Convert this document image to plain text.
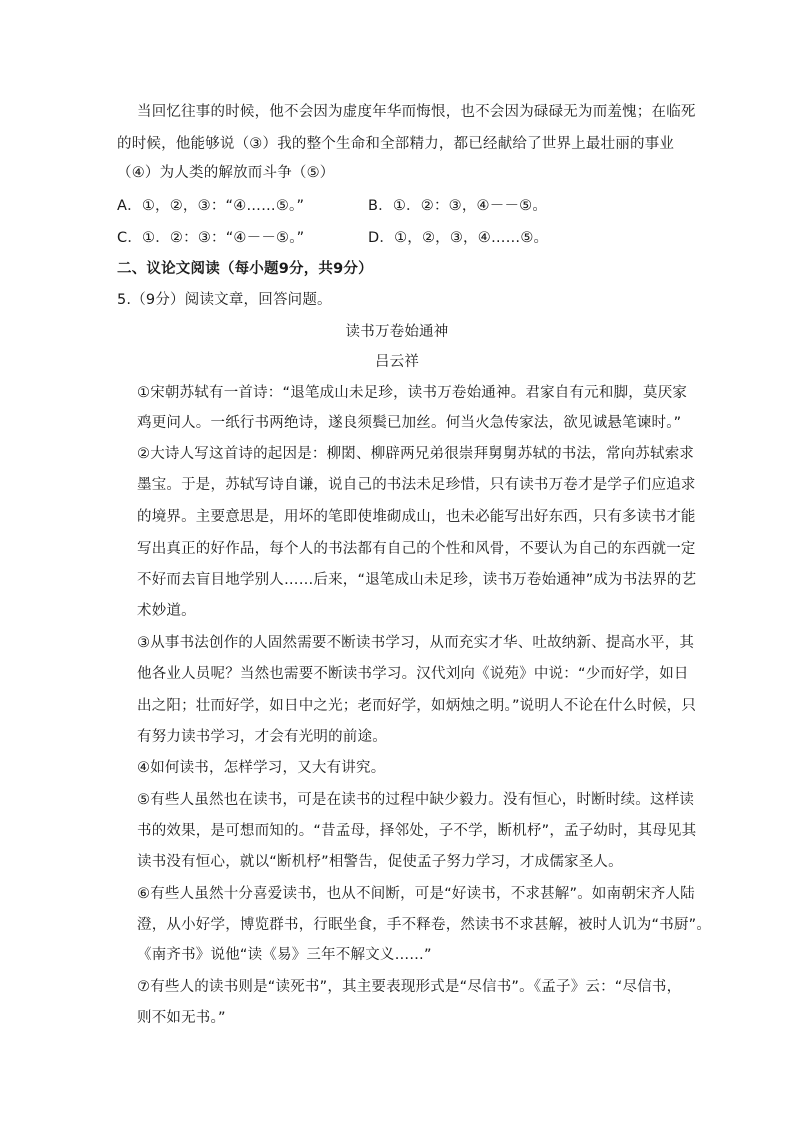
当回忆往事的时候，他不会因为虚度年华而悔恨，也不会因为碌碌无为而羞愧；在临死
的时候，他能够说（③）我的整个生命和全部精力，都已经献给了世界上最壮丽的事业
（④）为人类的解放而斗争（⑤）
A．①，②，③：“④……⑤。”	B．①．②：③，④－－⑤。
C．①．②：③：“④－－⑤。”	D．①，②，③，④……⑤。
二、议论文阅读（每小题9分，共9分）
5.（9分）阅读文章，回答问题。
读书万卷始通神
吕云祥
①宋朝苏轼有一首诗：“退笔成山未足珍，读书万卷始通神。君家自有元和脚，莫厌家
鸡更问人。一纸行书两绝诗，遂良须鬓已加丝。何当火急传家法，欲见诚悬笔谏时。”
②大诗人写这首诗的起因是：柳閎、柳辟两兄弟很崇拜舅舅苏轼的书法，常向苏轼索求
墨宝。于是，苏轼写诗自谦，说自己的书法未足珍惜，只有读书万卷才是学子们应追求
的境界。主要意思是，用坏的笔即使堆砌成山，也未必能写出好东西，只有多读书才能
写出真正的好作品，每个人的书法都有自己的个性和风骨，不要认为自己的东西就一定
不好而去盲目地学别人……后来，“退笔成山未足珍，读书万卷始通神”成为书法界的艺
术妙道。
③从事书法创作的人固然需要不断读书学习，从而充实才华、吐故纳新、提高水平，其
他各业人员呢？当然也需要不断读书学习。汉代刘向《说苑》中说：“少而好学，如日
出之阳；壮而好学，如日中之光；老而好学，如炳烛之明。”说明人不论在什么时候，只
有努力读书学习，才会有光明的前途。
④如何读书，怎样学习，又大有讲究。
⑤有些人虽然也在读书，可是在读书的过程中缺少毅力。没有恒心，时断时续。这样读
书的效果，是可想而知的。“昔孟母，择邻处，子不学，断机杼”，孟子幼时，其母见其
读书没有恒心，就以“断机杼”相警告，促使孟子努力学习，才成儒家圣人。
⑥有些人虽然十分喜爱读书，也从不间断，可是“好读书，不求甚解”。如南朝宋齐人陆
澄，从小好学，博览群书，行眠坐食，手不释卷，然读书不求甚解，被时人讥为“书厨”。
《南齐书》说他“读《易》三年不解文义……”
⑦有些人的读书则是“读死书”，其主要表现形式是“尽信书”。《孟子》云：“尽信书，
则不如无书。”
